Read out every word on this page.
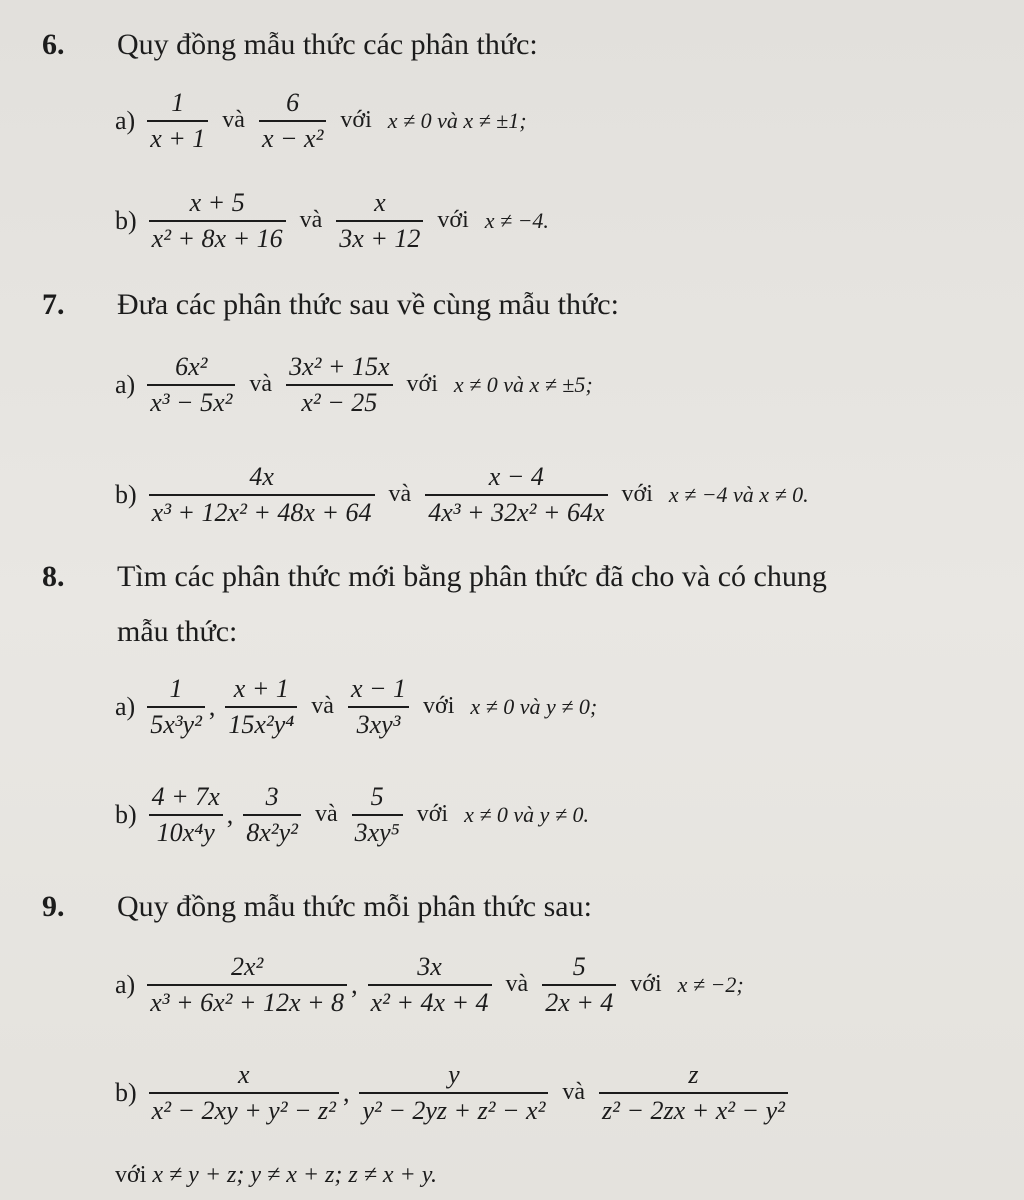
6. Quy đồng mẫu thức các phân thức:
$a) \frac{1}{x + 1}$ và $\frac{6}{\text{x − x²}}$ với x ≠ 0 và x ≠ ±1;
$b) \frac{x + 5}{\text{x² + 8x + 16}}$ và $\frac{x}{3x + 12}$ với x ≠ −4.
7. Đưa các phân thức sau về cùng mẫu thức:
$a) \frac{\text{6x²}}{\text{x³ − 5x²}}$ và $\frac{\text{3x² + 15x}}{\text{x² − 25}}$ với x ≠ 0 và x ≠ ±5;
$b) \frac{4x}{\text{x³ + 12x² + 48x + 64}}$ và $\frac{x - 4}{\text{4x³ + 32x² + 64x}}$ với x ≠ −4 và x ≠ 0.
8. Tìm các phân thức mới bằng phân thức đã cho và có chung
mẫu thức:
$a) \frac{1}{\text{5x³y²}}$ , $\frac{x + 1}{\text{15x²y⁴}}$ và $\frac{x - 1}{\text{3xy³}}$ với x ≠ 0 và y ≠ 0;
$b) \frac{4 + 7x}{\text{10x⁴y}}$ , $\frac{3}{\text{8x²y²}}$ và $\frac{5}{\text{3xy⁵}}$ với x ≠ 0 và y ≠ 0.
9. Quy đồng mẫu thức mỗi phân thức sau:
$a) \frac{\text{2x²}}{\text{x³ + 6x² + 12x + 8}}$ , $\frac{3x}{\text{x² + 4x + 4}}$ và $\frac{5}{2x + 4}$ với x ≠ −2;
$b) \frac{x}{\text{x² − 2xy + y² − z²}}$ , $\frac{y}{\text{y² − 2yz + z² − x²}}$ và $\frac{z}{\text{z² − 2zx + x² − y²}}$
với x ≠ y + z; y ≠ x + z; z ≠ x + y.
